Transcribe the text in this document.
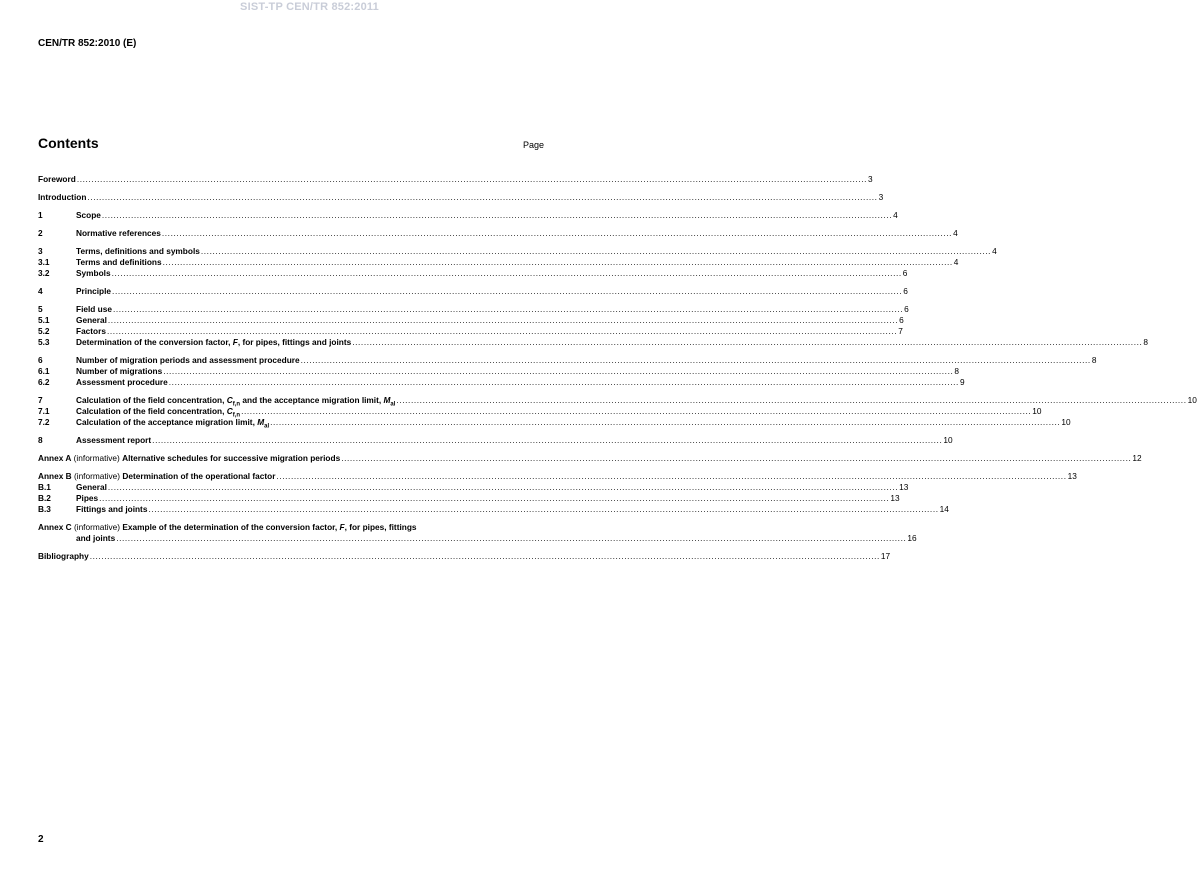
SIST-TP CEN/TR 852:2011
CEN/TR 852:2010 (E)
Contents	Page
Foreword .....	3
Introduction .....	3
1	Scope .....	4
2	Normative references .....	4
3	Terms, definitions and symbols .....	4
3.1	Terms and definitions .....	4
3.2	Symbols .....	6
4	Principle .....	6
5	Field use .....	6
5.1	General .....	6
5.2	Factors .....	7
5.3	Determination of the conversion factor, F, for pipes, fittings and joints .....	8
6	Number of migration periods and assessment procedure .....	8
6.1	Number of migrations .....	8
6.2	Assessment procedure .....	9
7	Calculation of the field concentration, $C_{f,n}$ and the acceptance migration limit, $M_{al}$ .....	10
7.1	Calculation of the field concentration, $C_{f,n}$ .....	10
7.2	Calculation of the acceptance migration limit, $M_{al}$ .....	10
8	Assessment report .....	10
Annex A (informative) Alternative schedules for successive migration periods .....	12
Annex B (informative) Determination of the operational factor .....	13
B.1	General .....	13
B.2	Pipes .....	13
B.3	Fittings and joints .....	14
Annex C (informative) Example of the determination of the conversion factor, F, for pipes, fittings
and joints .....	16
Bibliography .....	17
2
